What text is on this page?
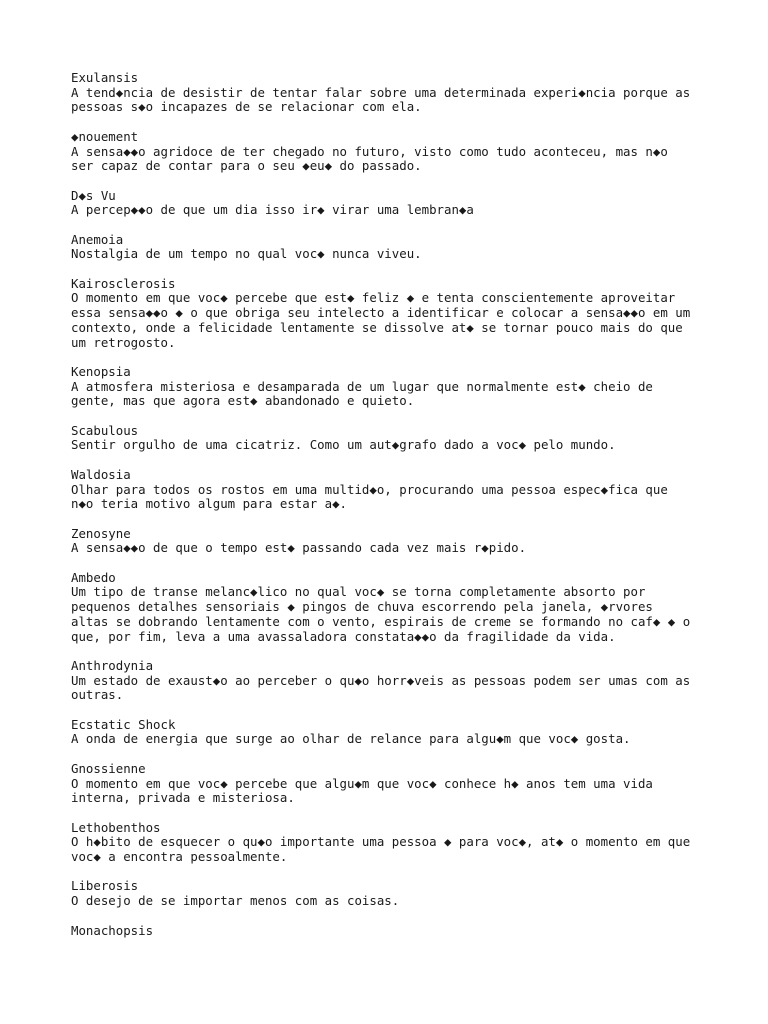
Exulansis
A tend◆ncia de desistir de tentar falar sobre uma determinada experi◆ncia porque as
pessoas s◆o incapazes de se relacionar com ela.
◆nouement
A sensa◆◆o agridoce de ter chegado no futuro, visto como tudo aconteceu, mas n◆o
ser capaz de contar para o seu ◆eu◆ do passado.
D◆s Vu
A percep◆◆o de que um dia isso ir◆ virar uma lembran◆a
Anemoia
Nostalgia de um tempo no qual voc◆ nunca viveu.
Kairosclerosis
O momento em que voc◆ percebe que est◆ feliz ◆ e tenta conscientemente aproveitar
essa sensa◆◆o ◆ o que obriga seu intelecto a identificar e colocar a sensa◆◆o em um
contexto, onde a felicidade lentamente se dissolve at◆ se tornar pouco mais do que
um retrogosto.
Kenopsia
A atmosfera misteriosa e desamparada de um lugar que normalmente est◆ cheio de
gente, mas que agora est◆ abandonado e quieto.
Scabulous
Sentir orgulho de uma cicatriz. Como um aut◆grafo dado a voc◆ pelo mundo.
Waldosia
Olhar para todos os rostos em uma multid◆o, procurando uma pessoa espec◆fica que
n◆o teria motivo algum para estar a◆.
Zenosyne
A sensa◆◆o de que o tempo est◆ passando cada vez mais r◆pido.
Ambedo
Um tipo de transe melanc◆lico no qual voc◆ se torna completamente absorto por
pequenos detalhes sensoriais ◆ pingos de chuva escorrendo pela janela, ◆rvores
altas se dobrando lentamente com o vento, espirais de creme se formando no caf◆ ◆ o
que, por fim, leva a uma avassaladora constata◆◆o da fragilidade da vida.
Anthrodynia
Um estado de exaust◆o ao perceber o qu◆o horr◆veis as pessoas podem ser umas com as
outras.
Ecstatic Shock
A onda de energia que surge ao olhar de relance para algu◆m que voc◆ gosta.
Gnossienne
O momento em que voc◆ percebe que algu◆m que voc◆ conhece h◆ anos tem uma vida
interna, privada e misteriosa.
Lethobenthos
O h◆bito de esquecer o qu◆o importante uma pessoa ◆ para voc◆, at◆ o momento em que
voc◆ a encontra pessoalmente.
Liberosis
O desejo de se importar menos com as coisas.
Monachopsis
